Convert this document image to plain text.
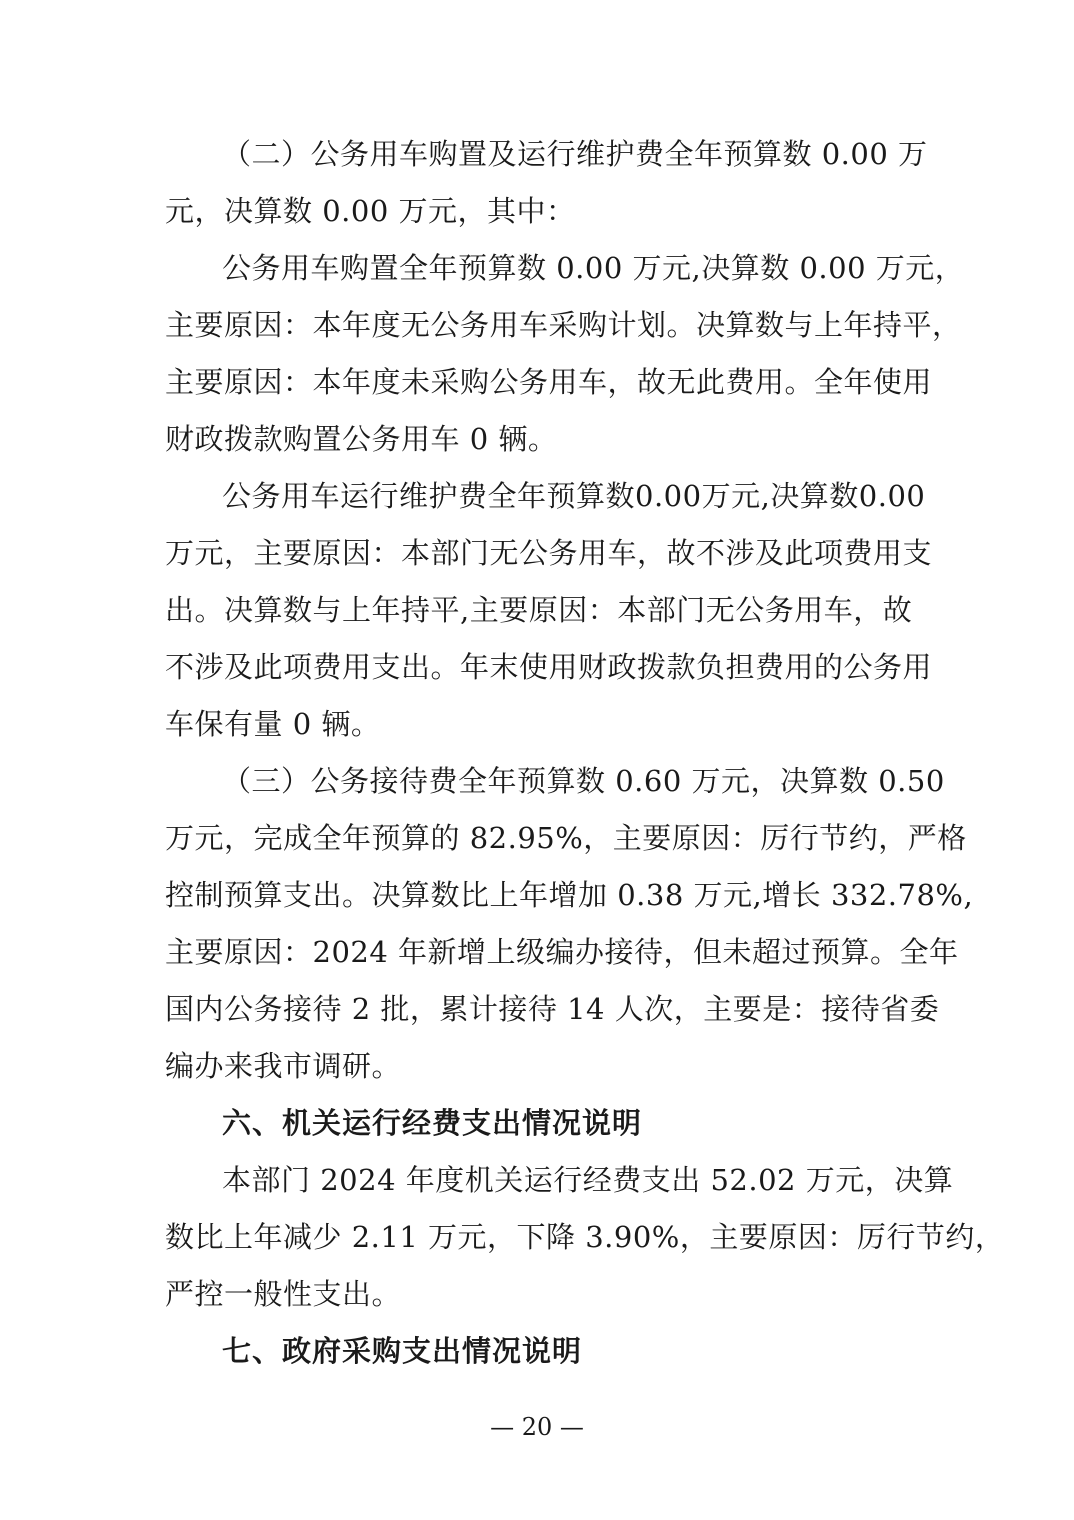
（二）公务用车购置及运行维护费全年预算数 0.00 万
元，决算数 0.00 万元，其中：
公务用车购置全年预算数 0.00 万元,决算数 0.00 万元，
主要原因：本年度无公务用车采购计划。决算数与上年持平，
主要原因：本年度未采购公务用车，故无此费用。全年使用
财政拨款购置公务用车 0 辆。
公务用车运行维护费全年预算数0.00万元,决算数0.00
万元，主要原因：本部门无公务用车，故不涉及此项费用支
出。决算数与上年持平,主要原因：本部门无公务用车，故
不涉及此项费用支出。年末使用财政拨款负担费用的公务用
车保有量 0 辆。
（三）公务接待费全年预算数 0.60 万元，决算数 0.50
万元，完成全年预算的 82.95%，主要原因：厉行节约，严格
控制预算支出。决算数比上年增加 0.38 万元,增长 332.78%,
主要原因：2024 年新增上级编办接待，但未超过预算。全年
国内公务接待 2 批，累计接待 14 人次，主要是：接待省委
编办来我市调研。
六、机关运行经费支出情况说明
本部门 2024 年度机关运行经费支出 52.02 万元，决算
数比上年减少 2.11 万元，下降 3.90%，主要原因：厉行节约，
严控一般性支出。
七、政府采购支出情况说明
— 20 —
